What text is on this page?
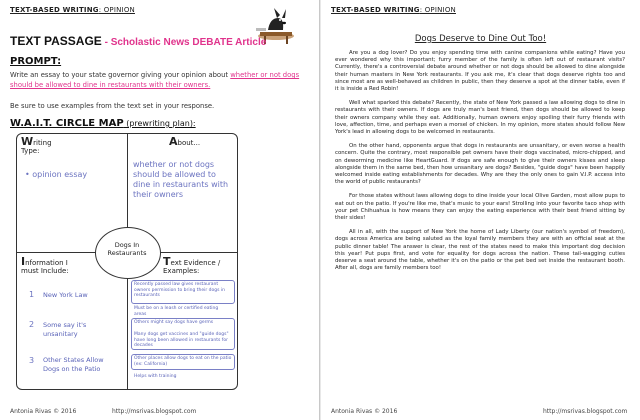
TEXT-BASED WRITING: OPINION
TEXT PASSAGE - Scholastic News DEBATE Article
PROMPT:
Write an essay to your state governor giving your opinion about whether or not dogs should be allowed to dine in restaurants with their owners.
Be sure to use examples from the text set in your response.
W.A.I.T. CIRCLE MAP (prewriting plan):
Writing
Type:
• opinion essay
About...
whether or not dogs should be allowed to dine in restaurants with their owners
Dogs In Restaurants
Information I
must Include:
Text Evidence /
Examples:
1 New York Law
2 Some say it's unsanitary
3 Other States Allow Dogs on the Patio
Recently passed law gives restaurant owners permission to bring their dogs in restaurants
Must be on a leash or certified eating areas
Others might say dogs have germs
Many dogs get vaccines and "guide dogs" have long been allowed in restaurants for decades
Other places allow dogs to eat on the patio (ex: California)
Helps with training
Antonia Rivas © 2016	http://msrivas.blogspot.com
TEXT-BASED WRITING: OPINION
Dogs Deserve to Dine Out Too!

Are you a dog lover? Do you enjoy spending time with canine companions while eating? Have you ever wondered why this important; furry member of the family is often left out of restaurant visits? Currently, there's a controversial debate around whether or not dogs should be allowed to dine alongside their human masters in New York restaurants. If you ask me, it's clear that dogs deserve rights too and since most are as well-behaved as children in public, then they deserve a spot at the dinner table, even if it is inside a Red Robin!

Well what sparked this debate? Recently, the state of New York passed a law allowing dogs to dine in restaurants with their owners. If dogs are truly man's best friend, then dogs should be allowed to keep their owners company while they eat. Additionally, human owners enjoy spoiling their furry friends with love, affection, time, and perhaps even a morsel of chicken. In my opinion, more states should follow New York's lead in allowing dogs to be welcomed in restaurants.

On the other hand, opponents argue that dogs in restaurants are unsanitary, or even worse a health concern. Quite the contrary, most responsible pet owners have their dogs vaccinated, micro-chipped, and on deworming medicine like HeartGuard. If dogs are safe enough to give their owners kisses and sleep alongside them in the same bed, then how unsanitary are dogs? Besides, "guide dogs" have been happily welcomed inside eating establishments for decades. Why are they the only ones to gain V.I.P. access into the world of public restaurants?

For those states without laws allowing dogs to dine inside your local Olive Garden, most allow pups to eat out on the patio. If you're like me, that's music to your ears! Strolling into your favorite taco shop with your pet Chihuahua is how means they can enjoy the eating experience with their best friend sitting by their sides!

All in all, with the support of New York the home of Lady Liberty (our nation's symbol of freedom), dogs across America are being saluted as the loyal family members they are with an official seat at the public dinner table! The answer is clear, the rest of the states need to make this important dog decision this year! Put pups first, and vote for equality for dogs across the nation. These tail-wagging cuties deserve a seat around the table, whether it's on the patio or the pet bed set inside the restaurant booth. After all, dogs are family members too!

Antonia Rivas © 2016	http://msrivas.blogspot.com
